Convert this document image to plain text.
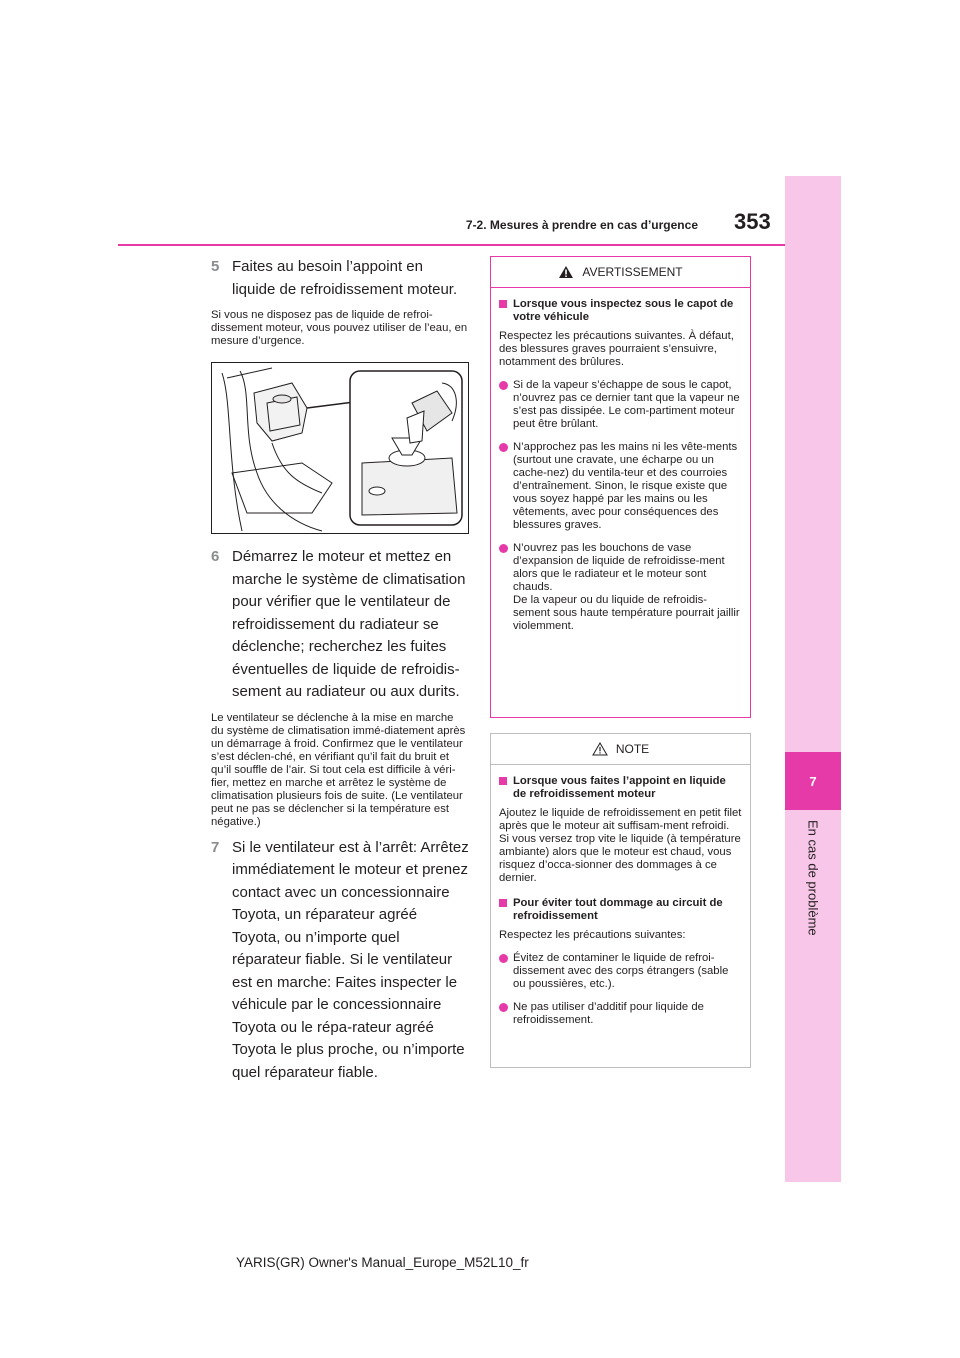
7
En cas de problème
7-2. Mesures à prendre en cas d’urgence 353
5 Faites au besoin l’appoint en liquide de refroidissement moteur.

Si vous ne disposez pas de liquide de refroi-dissement moteur, vous pouvez utiliser de l’eau, en mesure d’urgence.

6 Démarrez le moteur et mettez en marche le système de climatisation pour vérifier que le ventilateur de refroidissement du radiateur se déclenche; recherchez les fuites éventuelles de liquide de refroidis-sement au radiateur ou aux durits.

Le ventilateur se déclenche à la mise en marche du système de climatisation immé-diatement après un démarrage à froid. Confirmez que le ventilateur s’est déclen-ché, en vérifiant qu’il fait du bruit et qu’il souffle de l’air. Si tout cela est difficile à véri-fier, mettez en marche et arrêtez le système de climatisation plusieurs fois de suite. (Le ventilateur peut ne pas se déclencher si la température est négative.)

7 Si le ventilateur est à l’arrêt: Arrêtez immédiatement le moteur et prenez contact avec un concessionnaire Toyota, un réparateur agréé Toyota, ou n’importe quel réparateur fiable. Si le ventilateur est en marche: Faites inspecter le véhicule par le concessionnaire Toyota ou le répa-rateur agréé Toyota le plus proche, ou n’importe quel réparateur fiable.
AVERTISSEMENT
Lorsque vous inspectez sous le capot de votre véhicule

Respectez les précautions suivantes. À défaut, des blessures graves pourraient s’ensuivre, notamment des brûlures.

Si de la vapeur s’échappe de sous le capot, n’ouvrez pas ce dernier tant que la vapeur ne s’est pas dissipée. Le com-partiment moteur peut être brûlant.
N’approchez pas les mains ni les vête-ments (surtout une cravate, une écharpe ou un cache-nez) du ventila-teur et des courroies d’entraînement. Sinon, le risque existe que vous soyez happé par les mains ou les vêtements, avec pour conséquences des blessures graves.
N’ouvrez pas les bouchons de vase d’expansion de liquide de refroidisse-ment alors que le radiateur et le moteur sont chauds.
De la vapeur ou du liquide de refroidis-sement sous haute température pourrait jaillir violemment.
NOTE
Lorsque vous faites l’appoint en liquide de refroidissement moteur

Ajoutez le liquide de refroidissement en petit filet après que le moteur ait suffisam-ment refroidi. Si vous versez trop vite le liquide (à température ambiante) alors que le moteur est chaud, vous risquez d’occa-sionner des dommages à ce dernier.

Pour éviter tout dommage au circuit de refroidissement

Respectez les précautions suivantes:

Évitez de contaminer le liquide de refroi-dissement avec des corps étrangers (sable ou poussières, etc.).
Ne pas utiliser d’additif pour liquide de refroidissement.
YARIS(GR) Owner's Manual_Europe_M52L10_fr
